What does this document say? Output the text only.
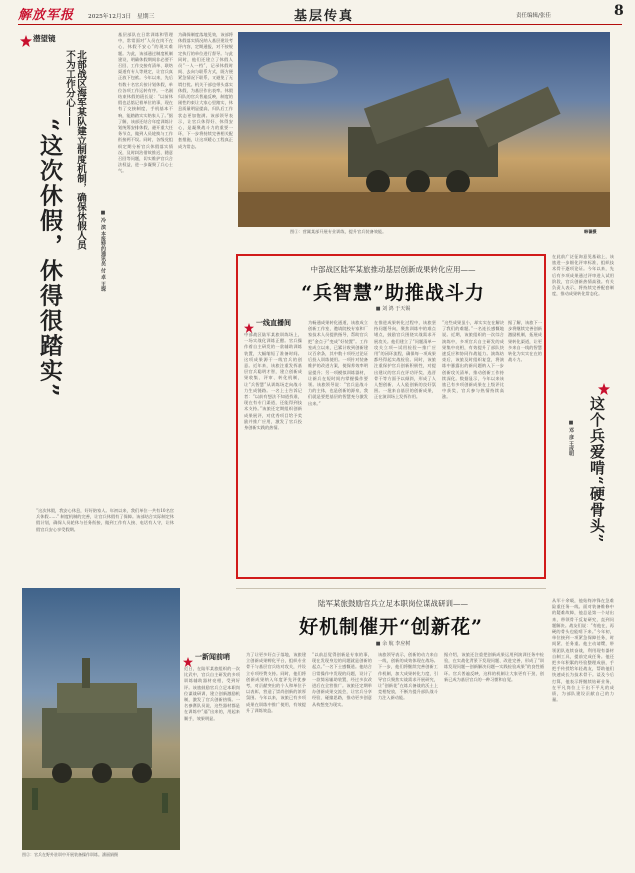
解放军报 2025年12月3日　星期三	基层传真	责任编辑/张佳	8
潜望镜
北部战区海军某队建立制度机制，确保休假人员不为工作分心——
“这次休假，休得很踏实”	■ 冷 滨 本报特约通讯员 付 卓 王琛
基层部队在日常训练和管理中，常常面对“人员在岗不在心、休假不安心”的现实难题。为此，该部通过制度机制建设，明确休假期间非必要不召回、工作交接有清单、联络渠道有专人等规定，让官兵真正放下包袱。今年以来，先后有数十名官兵按计划休假，单位各项工作运转有序。一名刚结束休假的班长说：“以前休假也总惦记着单位的事，现在有了交接制度，手机基本不响，能踏踏实实陪家人了。”据了解，该部还结合年度训练计划统筹安排休假，避开重大任务节点，做到人员轮换与工作衔接两不误。同时，各级党组织定期分析官兵休假落实情况，及时纠治借故推迟、随意召回等问题，切实维护官兵合法权益，进一步凝聚了兵心士气。
为确保制度落地见效，该部将休假落实情况纳入基层建设考评内容，定期通报，对不按规定执行的单位进行督导。与此同时，他们还建立了休假人员“一人一档”，记录休假时间、去向与联系方式，既方便紧急情况下联系，又避免了无谓打扰。机关干部也带头落实休假，为基层作出表率。休假归队的官兵普遍反映，制度的刚性约束让大家心里踏实，休息质量明显提高，归队后工作状态更加饱满。该部领导表示，让官兵休得好、休得安心，是凝聚战斗力的重要一环，下一步将持续完善相关配套措施，让这项暖心工程真正成为常态。
“这次休假，我安心休息，好好陪家人。年初以来，我们单位一共有10名官兵休假……” 制度机制的完善，让官兵休假有了保障。该部结合实际制定休假计划，确保人员轮休与任务衔接，做到工作有人接、电话有人守，让休假官兵安心享受假期。
图①：营属某部开展专业训练，提升官兵装备效能。	韩蕃摄
中部战区陆军某旅推动基层创新成果转化应用——
“兵智慧”助推战斗力
■ 刘 鸿 于天锡
一线直播间
中部战区陆军某旅训练场上，一场实战化训练正酣。官兵操作着自主研发的一款辅助训练装置，大幅缩短了准备时间。这项成果源于一线官兵的创意。近年来，该旅注重发挥基层官兵聪明才智，建立创新成果收集、评审、转化机制，让“兵智慧”从训练场走向战斗力生成链路。一名上士告诉记者：“以前有想法不知道找谁，现在有专门渠道，还能得到技术支持。”该旅还定期组织创新成果展评，对优秀项目给予奖励并推广应用，激发了官兵投身创新实践的热情。
为畅通成果转化通道，该旅成立创新工作室，邀请院校专家和厂家技术人员提供指导，帮助官兵把“金点子”变成“好装置”。工作室成立以来，已累计收到创新建议百余条，其中数十项经过论证后投入训练使用。一项针对装备维护的改进方案，使保养效率明显提升；另一项模拟训练器材，让新兵在短时间内掌握操作要领。该旅领导说：“官兵是战斗力的主体，也是创新的源泉，我们就是要把基层的智慧充分激发出来。”
在推进成果转化过程中，该旅坚持问题导向，聚焦训练中的难点堵点，鼓励官兵围绕实战需求开展攻关。他们建立了“问题清单—攻关立项—试用检验—推广应用”的闭环流程，确保每一项成果都经得起实战检验。同时，该旅注重保护官兵创新积极性，对提出建议的官兵在评功评奖、选晋骨干等方面予以倾斜，形成了人人想创新、人人能创新的良好氛围。一批来自基层的创新成果，正在演训场上发挥作用。
“这些成果虽小，却实实在在解决了我们的难题。”一名连长感慨地说。近期，该旅组织的一次综合演练中，多项官兵自主研发的成果集中亮相，有效提升了部队快速反应和协同作战能力。演练结束后，该旅及时组织复盘，将演练中暴露出的新问题纳入下一步创新攻关清单，推动创新工作持续深化。数据显示，今年以来该旅已有多项创新成果在上级评比中获奖，官兵参与热情持续高涨。
据了解，该旅下一步将继续完善创新激励机制，拓展成果转化渠道，让更多来自一线的智慧转化为实实在在的战斗力。
在此前广泛征询意见基础上，该旅进一步细化评审标准，组织技术骨干逐项论证。今年以来，先后有多项成果通过评审进入试用阶段，官兵创新热情高涨。有关负责人表示，将持续完善配套制度，推动成果转化常态化。
这个兵爱啃“硬骨头”
■ 邓 彦 王成明
从军十余载，他始终冲锋在急难险重任务一线。面对装备维修中的疑难故障，他总是第一个站出来，带领骨干反复研究，直到问题解决。战友们说：“有他在，再硬的骨头也能啃下来。”今年初，单位接到一项紧急保障任务，时间紧、任务重。他主动请缨，带领团队连续奋战，利用现有器材自制工具，提前完成任务。他还把多年积累的经验整理成册，手把手传授给年轻战友，帮助他们快速成长为技术骨干。谈及今后打算，他表示将继续钻研业务，在平凡岗位上干出不平凡的成绩，为部队建设贡献自己的力量。
陆军某旅鼓励官兵立足本职岗位谋战研训——
好机制催开“创新花”
■ 余 航 李应树
一新闻前哨
近日，在陆军某旅组织的一次比武中，官兵自主研发的多项训练辅助器材亮相，受到好评。该旅鼓励官兵立足本职岗位谋战研训，建立创新激励机制，激发了官兵创新热情。一名参赛队员说，这些器材都是在训练中“逼”出来的，用起来顺手，效果明显。
为了让更多好点子落地，该旅建立创新成果孵化平台，组织专业骨干与基层官兵结对攻关，并设立专项经费支持。同时，他们将创新成果纳入年度评先评优参考，对贡献突出的个人和单位予以表彰，营造了崇尚创新的浓厚氛围。今年以来，该旅已有多项成果在训练中推广使用，有效提升了训练效益。
“以前总觉得创新是专家的事，现在发现身边的问题就是创新的起点。”一名下士感慨道。他结合日常操作中发现的问题，设计了一款简易辅助装置，经过多次改进后在全营推广。该旅还定期举办创新成果交流会，让官兵分享经验、碰撞思路，推动更多创意从构想变为现实。
该旅领导表示，创新的动力来自一线，创新的成效体现在战场。下一步，他们将继续完善创新工作机制，加大成果转化力度，引导官兵聚焦实战需求开展研究，让“创新花”在练兵备战的沃土上竞相绽放，不断为提升部队战斗力注入新动能。
据介绍，该旅还注重把创新成果运用到演训任务中检验，在实战化背景下发现问题、改进完善，形成了“训练发现问题—创新解决问题—实践检验成果”的良性循环。官兵普遍反映，这样的机制让大家更有干劲，创新已成为基层官兵的一种习惯和自觉。
图②：官兵在野外驻训中开展装备操作训练。潘丽娟摄
